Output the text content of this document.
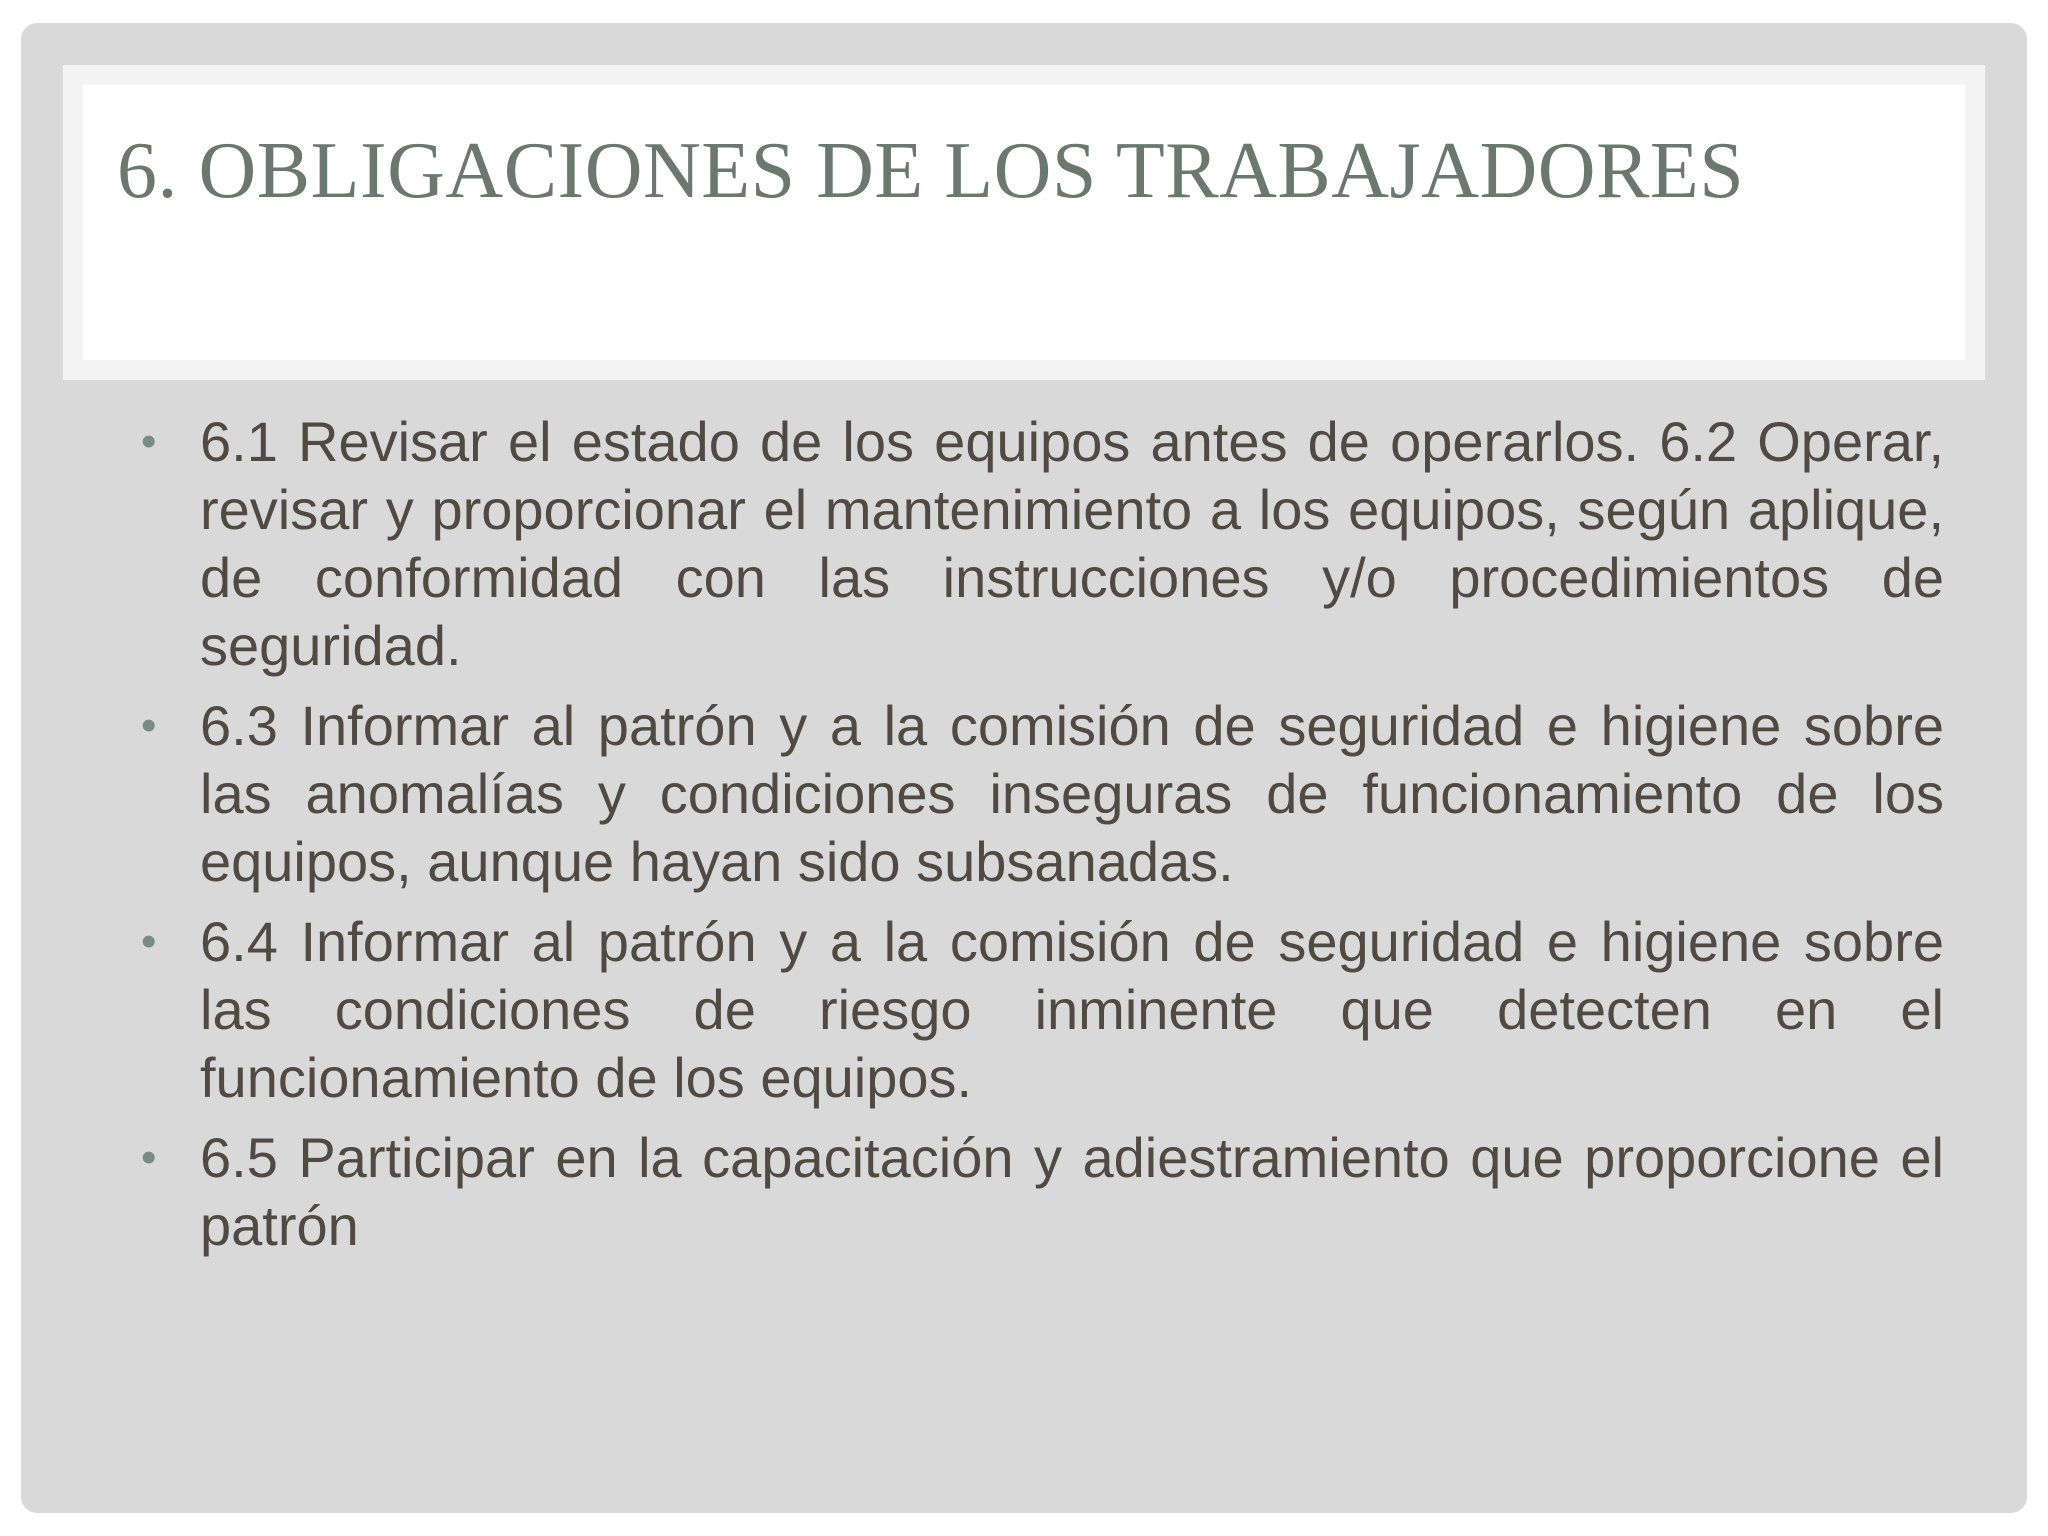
6. OBLIGACIONES DE LOS TRABAJADORES
• 6.1 Revisar el estado de los equipos antes de operarlos. 6.2 Operar, revisar y proporcionar el mantenimiento a los equipos, según aplique, de conformidad con las instrucciones y/o procedimientos de seguridad.
• 6.3 Informar al patrón y a la comisión de seguridad e higiene sobre las anomalías y condiciones inseguras de funcionamiento de los equipos, aunque hayan sido subsanadas.
• 6.4 Informar al patrón y a la comisión de seguridad e higiene sobre las condiciones de riesgo inminente que detecten en el funcionamiento de los equipos.
• 6.5 Participar en la capacitación y adiestramiento que proporcione el patrón
